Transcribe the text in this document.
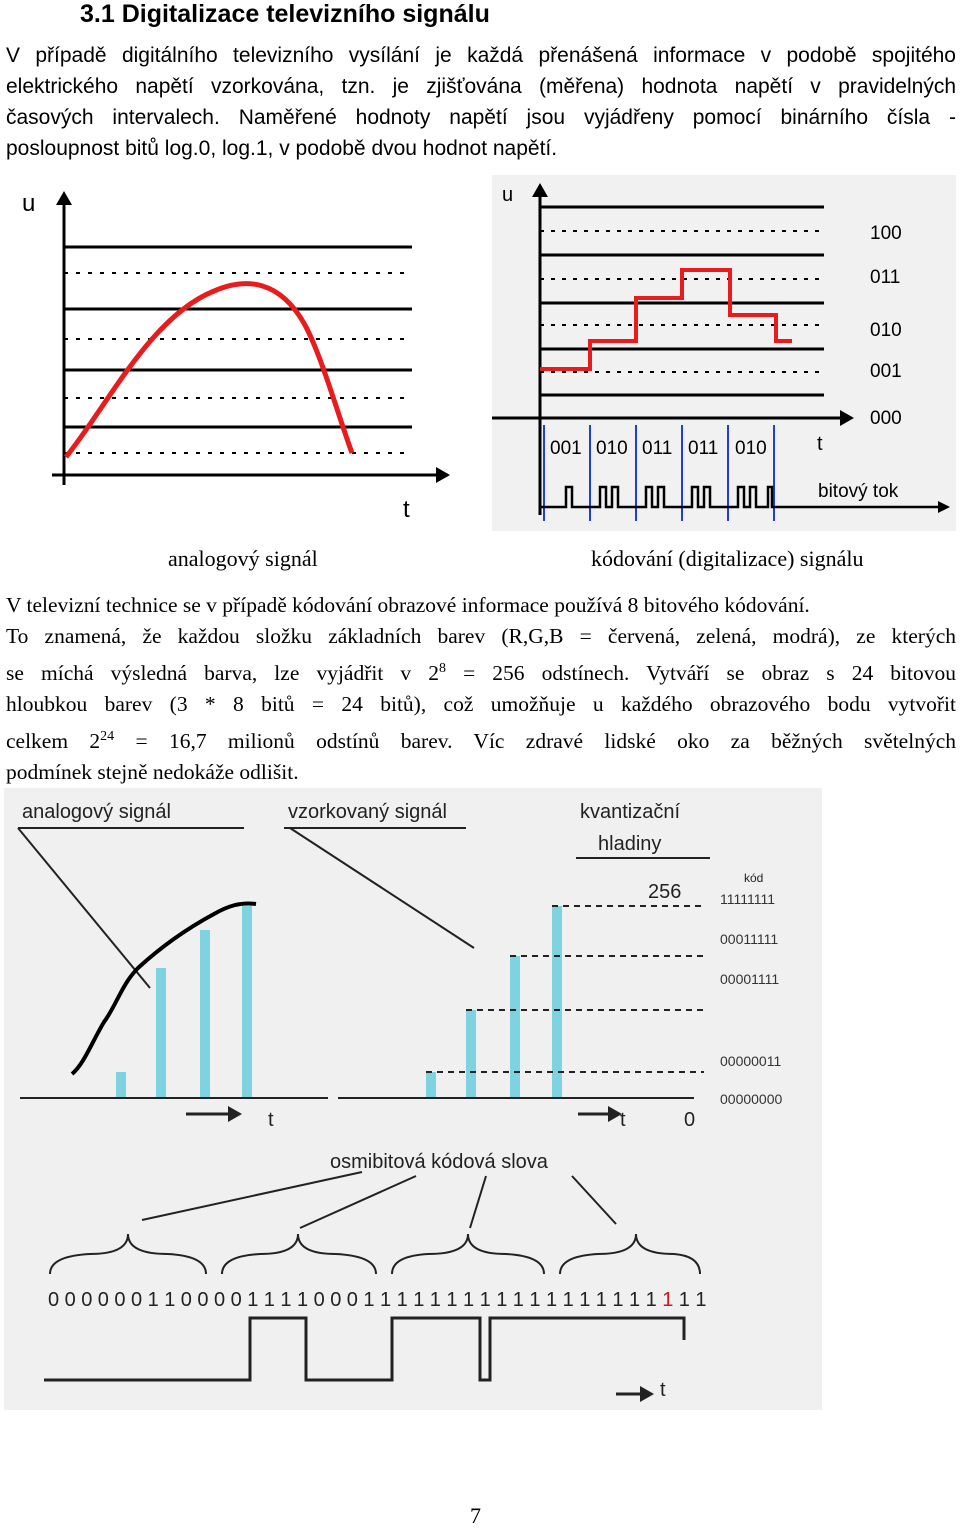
3.1 Digitalizace televizního signálu
V případě digitálního televizního vysílání je každá přenášená informace v podobě spojitého
elektrického napětí vzorkována, tzn. je zjišťována (měřena) hodnota napětí v pravidelných
časových intervalech. Naměřené hodnoty napětí jsou vyjádřeny pomocí binárního čísla -
posloupnost bitů log.0, log.1, v podobě dvou hodnot napětí.
u
t
001 010 011 011 010
100
011
010
001
000
bitový tok
u
t
analogový signál	kódování (digitalizace) signálu
V televizní technice se v případě kódování obrazové informace používá 8 bitového kódování.
To znamená, že každou složku základních barev (R,G,B = červená, zelená, modrá), ze kterých
se míchá výsledná barva, lze vyjádřit v $2^8 = 256$ odstínech. Vytváří se obraz s 24 bitovou
hloubkou barev (3 * 8 bitů = 24 bitů), což umožňuje u každého obrazového bodu vytvořit
celkem $2^{24} = 16,7$ milionů odstínů barev. Víc zdravé lidské oko za běžných světelných
podmínek stejně nedokáže odlišit.
analogový signál	vzorkovaný signál	kvantizační
hladiny
256
0
t	t
osmibitová kódová slova
t
kód
11111111
00011111
00001111
00000011
00000000
0 0 0 0 0 0 1 1 0 0 0 0 1 1 1 1 0 0 0 1 1 1 1 1 1 1 1 1 1 1 1 1 1 1 1 1 1 1 1 1
7
